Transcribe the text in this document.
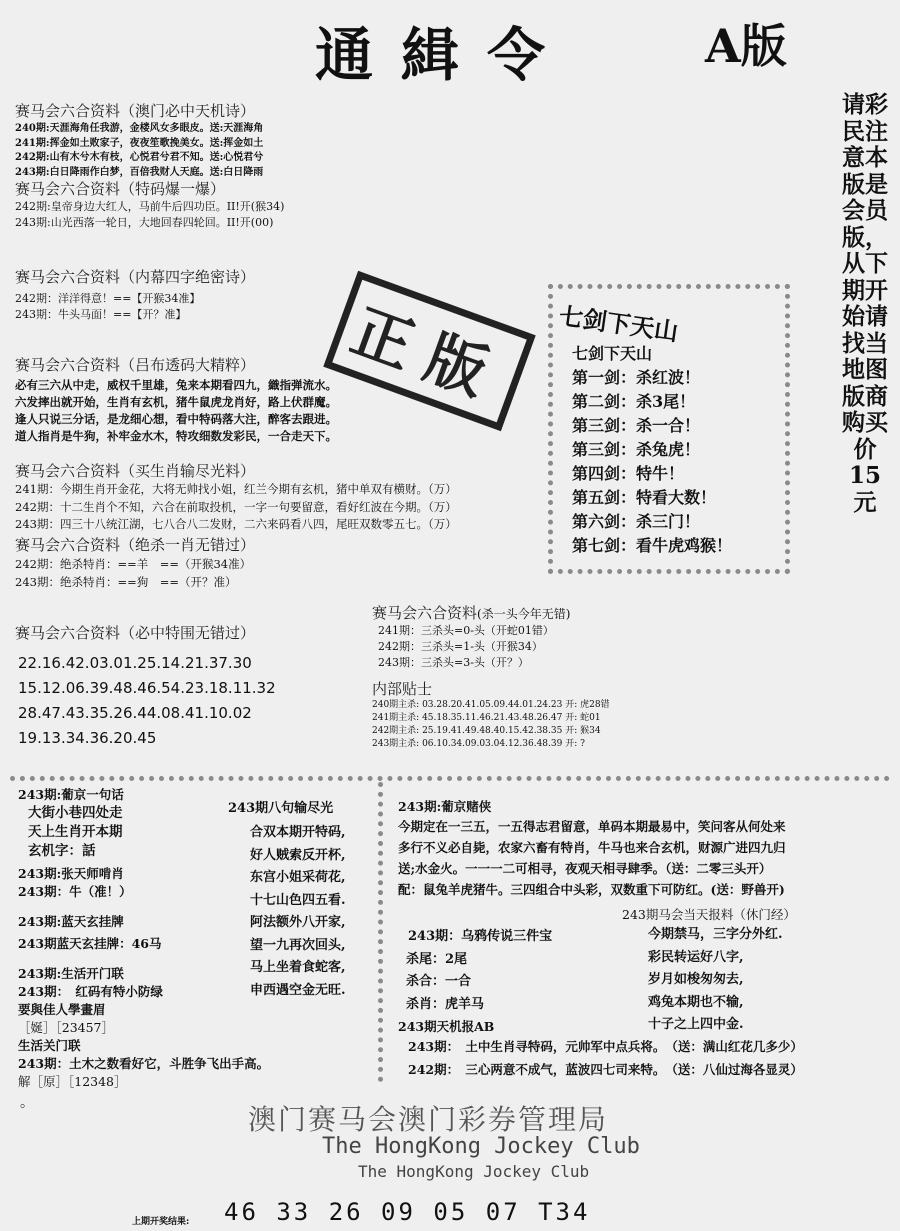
通緝令	A版
请彩民注意本版是会员版，从下期开始请找当地图版商购买价15元
赛马会六合资料（澳门必中天机诗）
240期:天涯海角任我游，金楼风女多眼皮。送:天涯海角
241期:挥金如土败家子，夜夜笙歌挽美女。送:挥金如土
242期:山有木兮木有枝，心悦君兮君不知。送:心悦君兮
243期:白日降雨作白梦，百倍我财人天庭。送:白日降雨
赛马会六合资料（特码爆一爆）
242期:皇帝身边大红人，马前牛后四功臣。II!开(猴34)
243期:山光西落一轮日，大地回春四轮回。II!开(00)
赛马会六合资料（内幕四字绝密诗）
242期：洋洋得意！==【开猴34准】
243期：牛头马面！==【开？准】	正版
赛马会六合资料（吕布透码大精粹）
必有三六从中走，威权千里雄，兔来本期看四九，織指弹流水。
六发摔出就开始，生肖有玄机，猪牛鼠虎龙肖好，路上伏群魔。
逢人只说三分话，是龙细心想，看中特码落大注，醉客去跟进。
道人指肖是牛狗，补牢金水木，特攻细数发彩民，一合走天下。
赛马会六合资料（买生肖输尽光料）
241期：今期生肖开金花，大将无帅找小姐，红兰今期有玄机，猪中单双有横财。（万）
242期：十二生肖个不知，六合在前取投机，一字一句要留意，看好红波在今期。（万）
243期：四三十八统江湖，七八合八二发财，二六来码看八四，尾旺双数零五七。（万）
赛马会六合资料（绝杀一肖无错过）
242期：绝杀特肖：==羊　==（开猴34准）
243期：绝杀特肖：==狗　==（开？准）
赛马会六合资料（必中特围无错过）
22.16.42.03.01.25.14.21.37.30
15.12.06.39.48.46.54.23.18.11.32
28.47.43.35.26.44.08.41.10.02
19.13.34.36.20.45
七剑下天山
七剑下天山
第一剑：杀红波！
第二剑：杀3尾！
第三剑：杀一合！
第三剑：杀兔虎！
第四剑：特牛！
第五剑：特看大数！
第六剑：杀三门！
第七剑：看牛虎鸡猴！
赛马会六合资料(杀一头今年无错)
241期：三杀头=0-头（开蛇01错）
242期：三杀头=1-头（开猴34）
243期：三杀头=3-头（开？）
内部贴士
240期主杀: 03.28.20.41.05.09.44.01.24.23 开: 虎28错
241期主杀: 45.18.35.11.46.21.43.48.26.47 开: 蛇01
242期主杀: 25.19.41.49.48.40.15.42.38.35 开: 猴34
243期主杀: 06.10.34.09.03.04.12.36.48.39 开: ?
243期:葡京一句话
大街小巷四处走
天上生肖开本期
玄机字：話
243期:张天师啃肖
243期：牛（准！）
243期:蓝天玄挂牌
243期蓝天玄挂牌：46马
243期:生活开门联
243期：　红码有特小防绿
要與佳人學畫眉
［娫］［23457］
生活关门联
243期：土木之数看好它，斗胜争飞出手高。
解［原］［12348］
。
243期八句输尽光
合双本期开特码,
好人贼索反开杯,
东宫小姐采荷花,
十七山色四五看.
阿法额外八开家,
望一九再次回头,
马上坐着食蛇客,
申西遇空金无旺.
243期:葡京赌侠
今期定在一三五，一五得志君留意，单码本期最易中，笑问客从何处来
多行不义必自毙，农家六畜有特肖，牛马也来合玄机，财源广进四九归
送;水金火。一一一二可相寻，夜观天相寻肆季。（送：二零三头开）
配：鼠兔羊虎猪牛。三四组合中头彩，双数重下可防红。(送：野兽开)
243期马会当天报料（休门经）
今期禁马，三字分外红.
彩民转运好八字,
岁月如梭匆匆去,
鸡兔本期也不输,
十子之上四中金.
243期：乌鸦传说三件宝
杀尾：2尾
杀合：一合
杀肖：虎羊马
243期天机报AB
243期：　土中生肖寻特码，元帅军中点兵将。　（送：满山红花几多少）
242期：　三心两意不成气，蓝波四七司来特。　（送：八仙过海各显灵）
澳门赛马会澳门彩券管理局
The HongKong Jockey Club
The HongKong Jockey Club
上期开奖结果: 46 33 26 09 05 07 T34
